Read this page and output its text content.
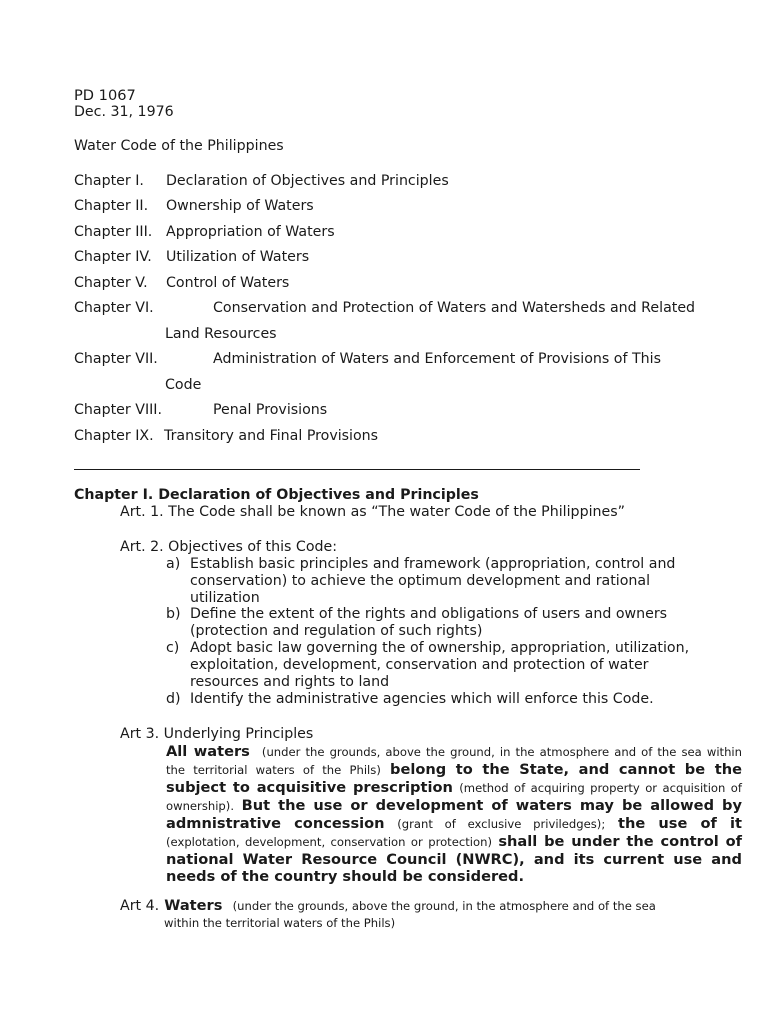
PD 1067
Dec. 31, 1976
Water Code of the Philippines
Chapter I. Declaration of Objectives and Principles
Chapter II. Ownership of Waters
Chapter III. Appropriation of Waters
Chapter IV. Utilization of Waters
Chapter V. Control of Waters
Chapter VI.	Conservation and Protection of Waters and Watersheds and Related
Land Resources
Chapter VII.	Administration of Waters and Enforcement of Provisions of This
Code
Chapter VIII.	Penal Provisions
Chapter IX. Transitory and Final Provisions
Chapter I. Declaration of Objectives and Principles
Art. 1. The Code shall be known as “The water Code of the Philippines”
Art. 2. Objectives of this Code:
a) Establish basic principles and framework (appropriation, control and
conservation) to achieve the optimum development and rational
utilization
b) Define the extent of the rights and obligations of users and owners
(protection and regulation of such rights)
c) Adopt basic law governing the of ownership, appropriation, utilization,
exploitation, development, conservation and protection of water
resources and rights to land
d) Identify the administrative agencies which will enforce this Code.
Art 3. Underlying Principles
All waters (under the grounds, above the ground, in the atmosphere and of the sea within the territorial waters of the Phils) belong to the State, and cannot be the subject to acquisitive prescription (method of acquiring property or acquisition of ownership). But the use or development of waters may be allowed by admnistrative concession (grant of exclusive priviledges); the use of it (explotation, development, conservation or protection) shall be under the control of national Water Resource Council (NWRC), and its current use and needs of the country should be considered.
Art 4. Waters (under the grounds, above the ground, in the atmosphere and of the sea
within the territorial waters of the Phils)
